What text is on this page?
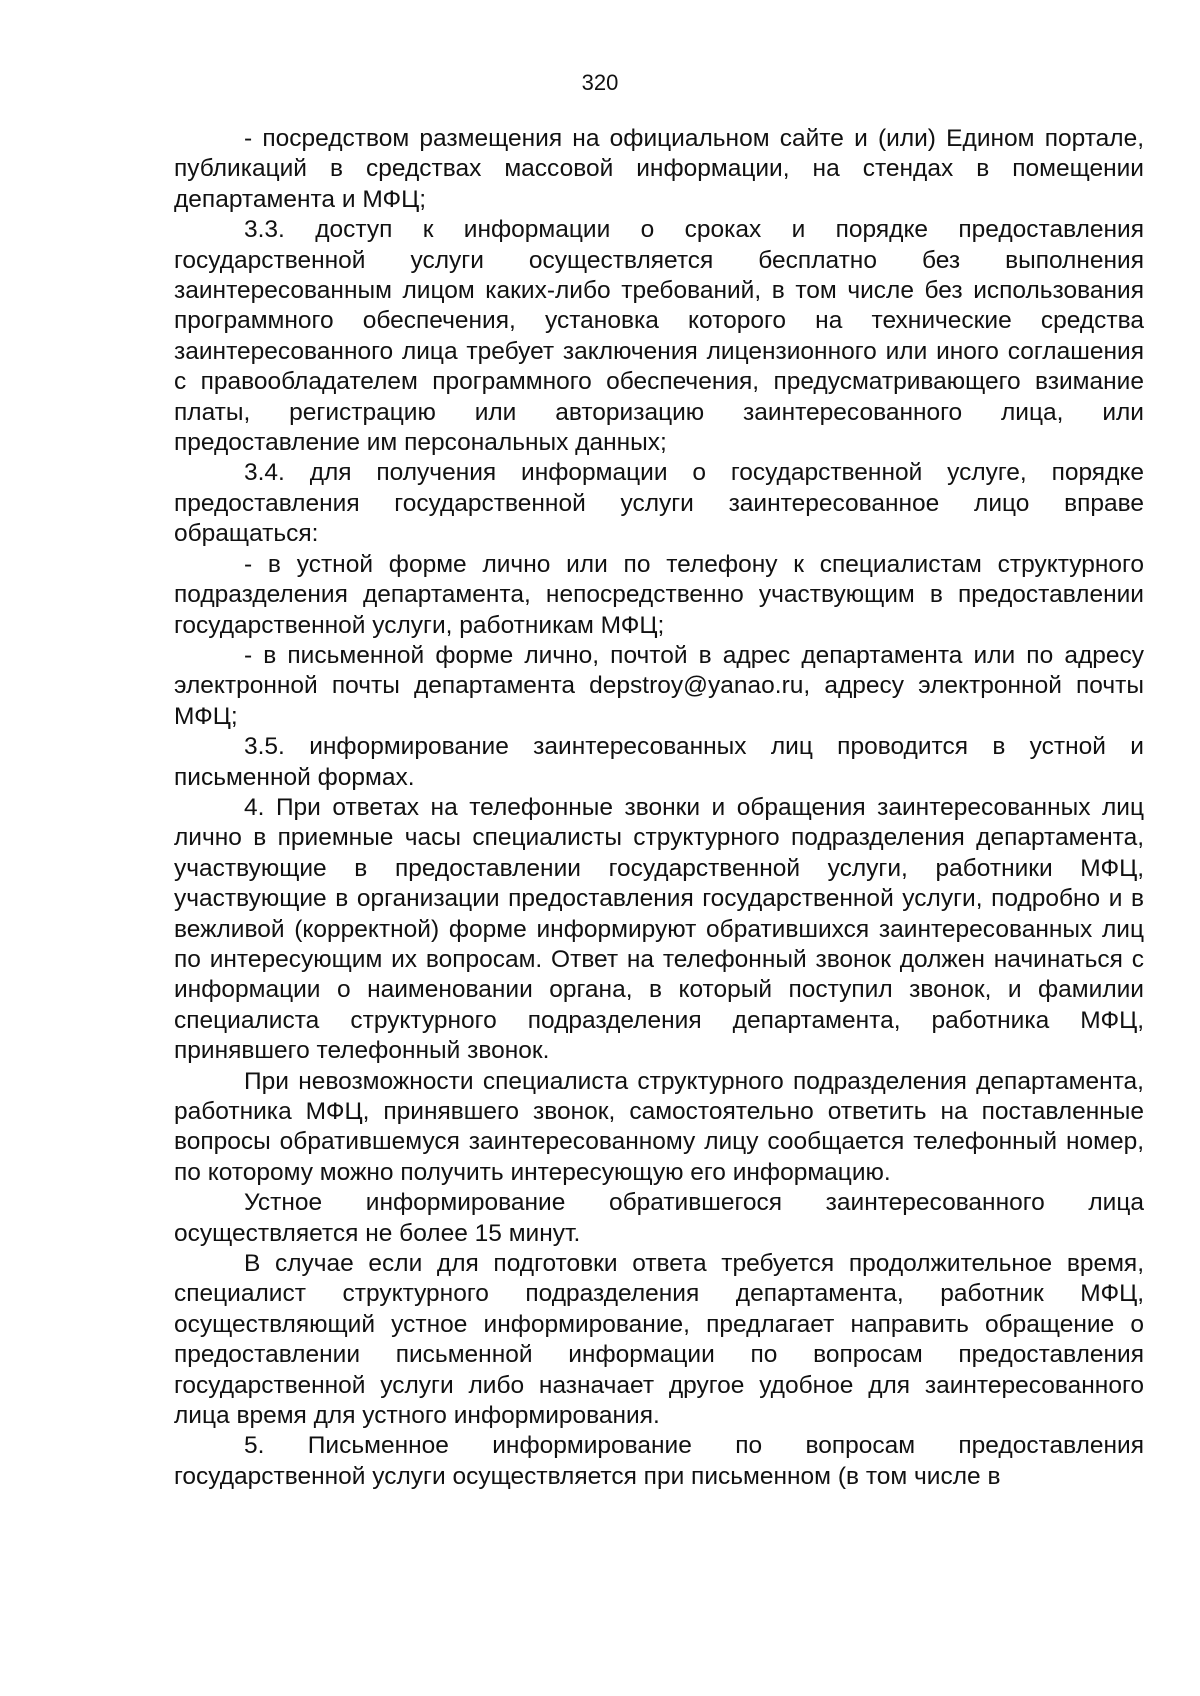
320

- посредством размещения на официальном сайте и (или) Едином портале, публикаций в средствах массовой информации, на стендах в помещении департамента и МФЦ;

3.3. доступ к информации о сроках и порядке предоставления государственной услуги осуществляется бесплатно без выполнения заинтересованным лицом каких-либо требований, в том числе без использования программного обеспечения, установка которого на технические средства заинтересованного лица требует заключения лицензионного или иного соглашения с правообладателем программного обеспечения, предусматривающего взимание платы, регистрацию или авторизацию заинтересованного лица, или предоставление им персональных данных;

3.4. для получения информации о государственной услуге, порядке предоставления государственной услуги заинтересованное лицо вправе обращаться:

- в устной форме лично или по телефону к специалистам структурного подразделения департамента, непосредственно участвующим в предоставлении государственной услуги, работникам МФЦ;

- в письменной форме лично, почтой в адрес департамента или по адресу электронной почты департамента depstroy@yanao.ru, адресу электронной почты МФЦ;

3.5. информирование заинтересованных лиц проводится в устной и письменной формах.

4. При ответах на телефонные звонки и обращения заинтересованных лиц лично в приемные часы специалисты структурного подразделения департамента, участвующие в предоставлении государственной услуги, работники МФЦ, участвующие в организации предоставления государственной услуги, подробно и в вежливой (корректной) форме информируют обратившихся заинтересованных лиц по интересующим их вопросам. Ответ на телефонный звонок должен начинаться с информации о наименовании органа, в который поступил звонок, и фамилии специалиста структурного подразделения департамента, работника МФЦ, принявшего телефонный звонок.

При невозможности специалиста структурного подразделения департамента, работника МФЦ, принявшего звонок, самостоятельно ответить на поставленные вопросы обратившемуся заинтересованному лицу сообщается телефонный номер, по которому можно получить интересующую его информацию.

Устное информирование обратившегося заинтересованного лица осуществляется не более 15 минут.

В случае если для подготовки ответа требуется продолжительное время, специалист структурного подразделения департамента, работник МФЦ, осуществляющий устное информирование, предлагает направить обращение о предоставлении письменной информации по вопросам предоставления государственной услуги либо назначает другое удобное для заинтересованного лица время для устного информирования.

5. Письменное информирование по вопросам предоставления государственной услуги осуществляется при письменном (в том числе в
